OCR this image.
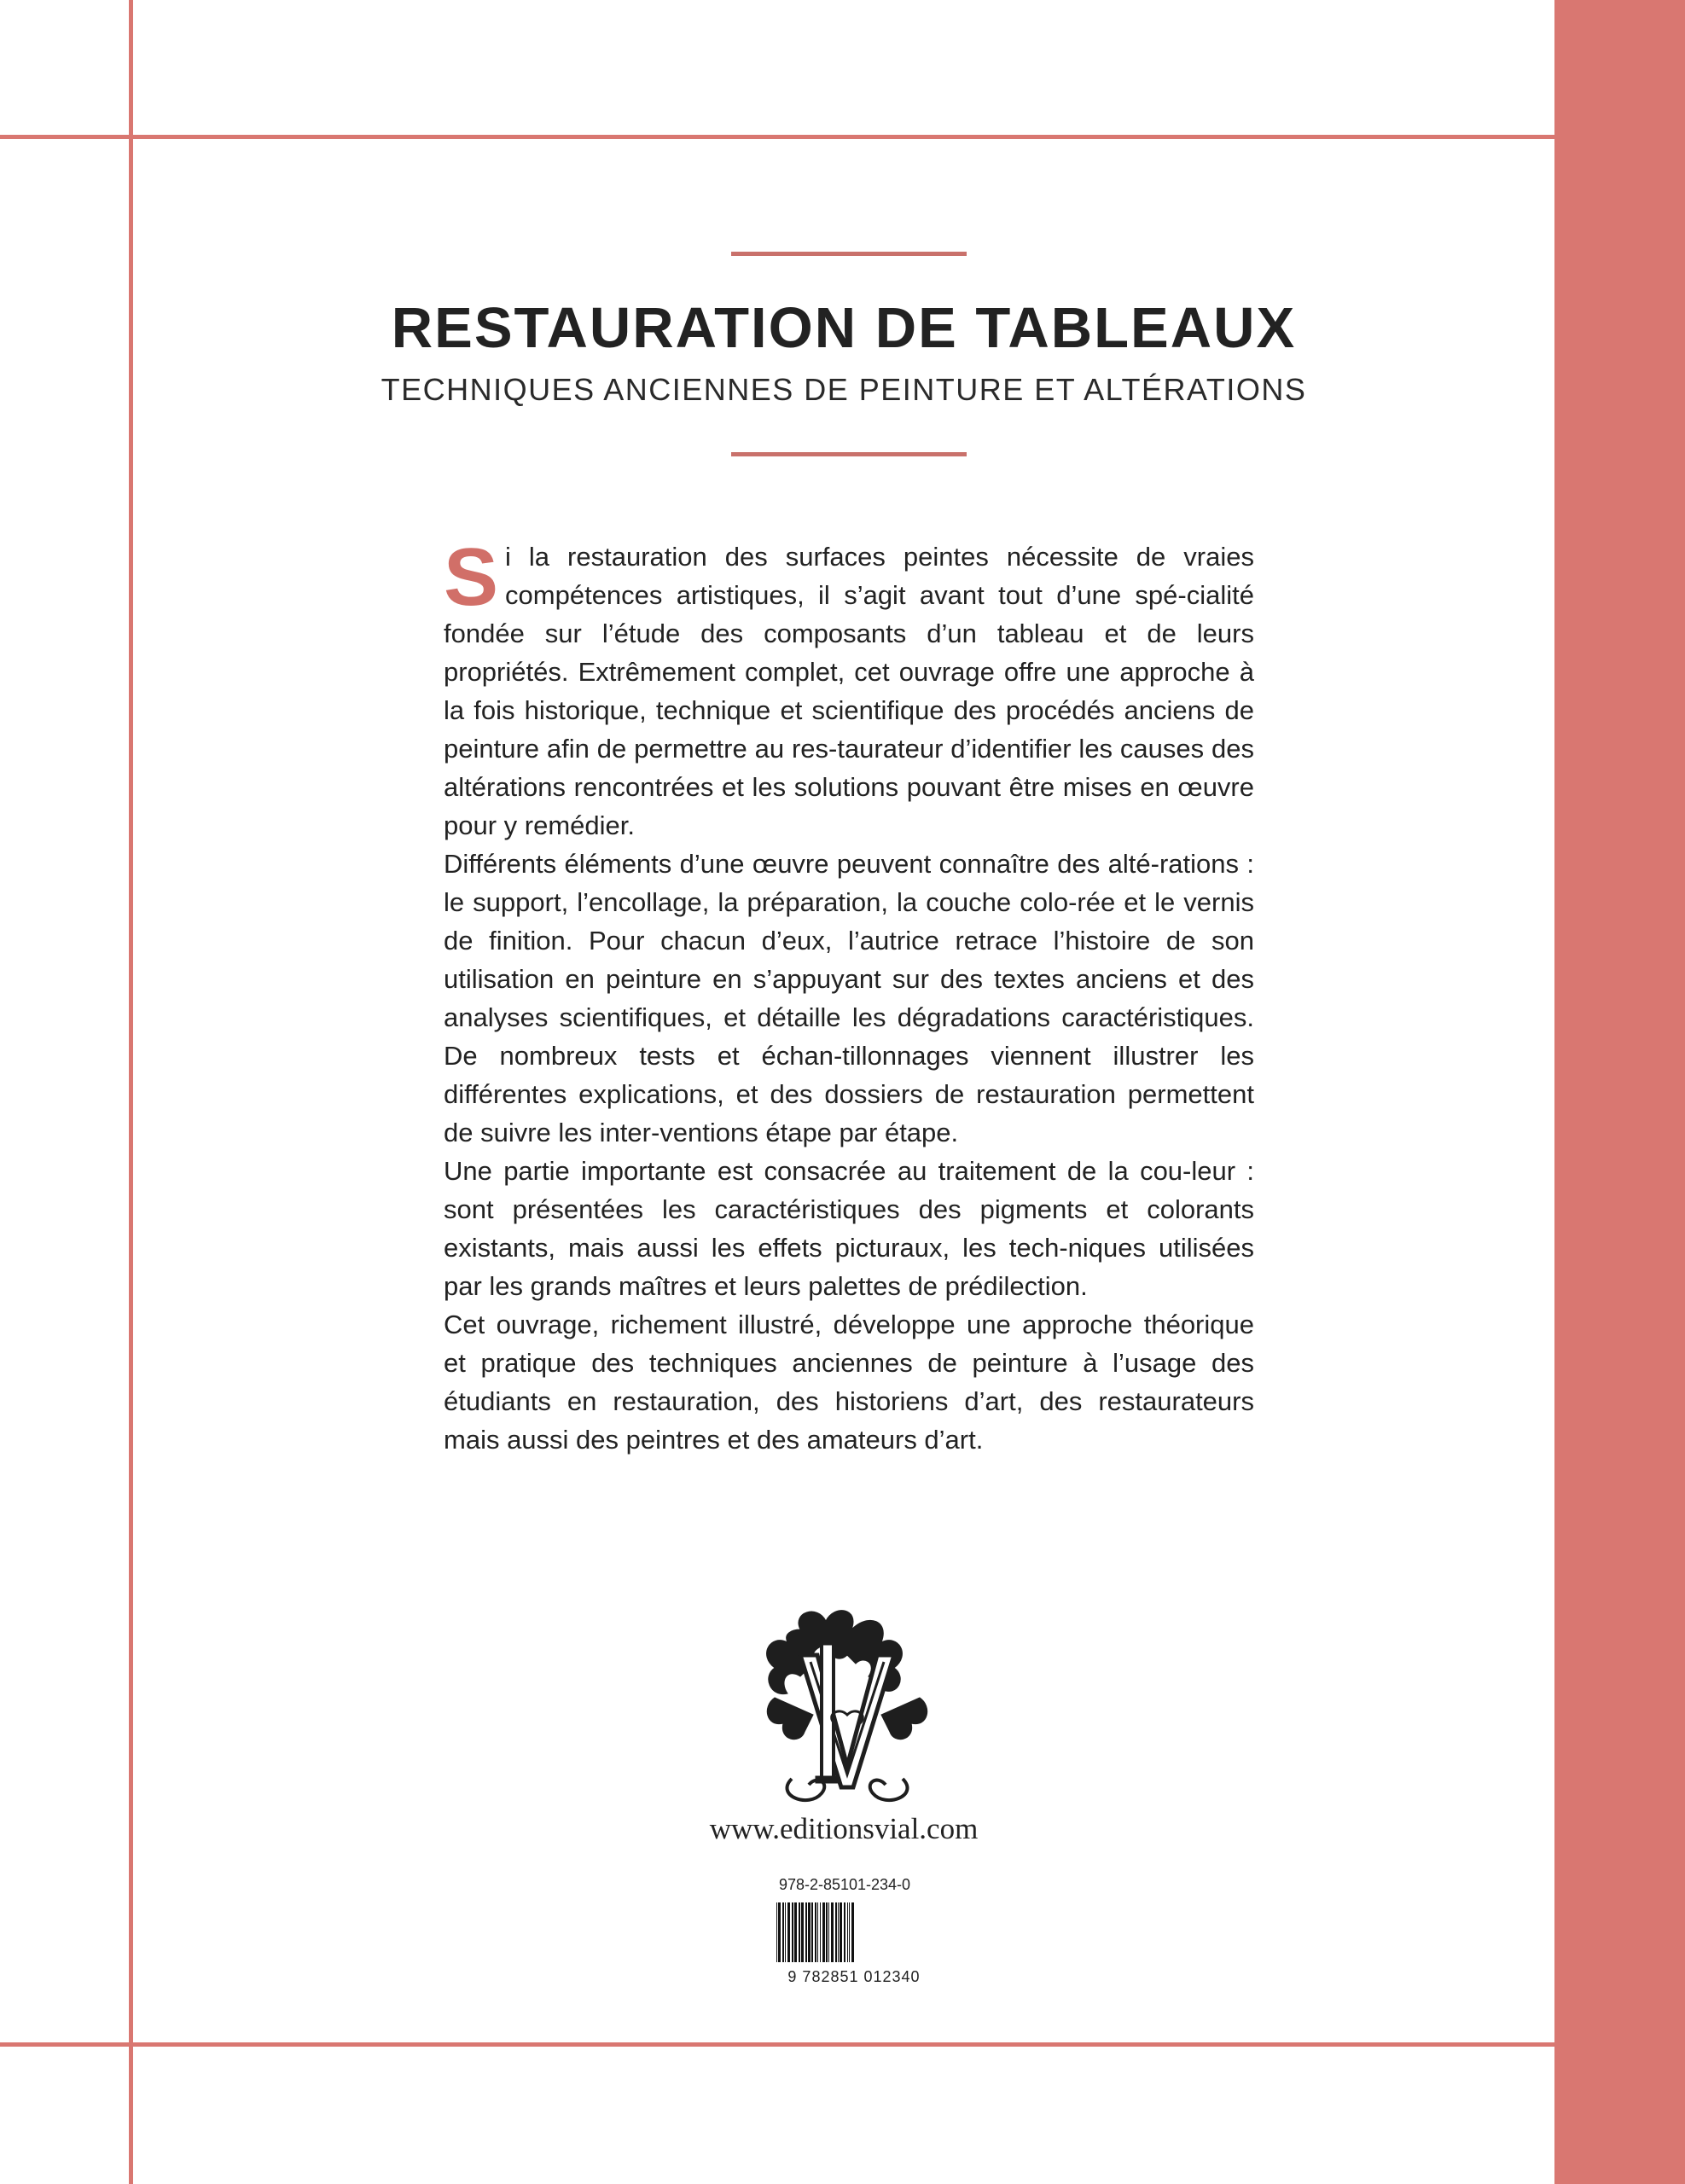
RESTAURATION DE TABLEAUX
TECHNIQUES ANCIENNES DE PEINTURE ET ALTÉRATIONS

Si la restauration des surfaces peintes nécessite de vraies compétences artistiques, il s’agit avant tout d’une spé-cialité fondée sur l’étude des composants d’un tableau et de leurs propriétés. Extrêmement complet, cet ouvrage offre une approche à la fois historique, technique et scientifique des procédés anciens de peinture afin de permettre au res-taurateur d’identifier les causes des altérations rencontrées et les solutions pouvant être mises en œuvre pour y remédier.

Différents éléments d’une œuvre peuvent connaître des alté-rations : le support, l’encollage, la préparation, la couche colo-rée et le vernis de finition. Pour chacun d’eux, l’autrice retrace l’histoire de son utilisation en peinture en s’appuyant sur des textes anciens et des analyses scientifiques, et détaille les dégradations caractéristiques. De nombreux tests et échan-tillonnages viennent illustrer les différentes explications, et des dossiers de restauration permettent de suivre les inter-ventions étape par étape.

Une partie importante est consacrée au traitement de la cou-leur : sont présentées les caractéristiques des pigments et colorants existants, mais aussi les effets picturaux, les tech-niques utilisées par les grands maîtres et leurs palettes de prédilection.

Cet ouvrage, richement illustré, développe une approche théorique et pratique des techniques anciennes de peinture à l’usage des étudiants en restauration, des historiens d’art, des restaurateurs mais aussi des peintres et des amateurs d’art.

www.editionsvial.com
978-2-85101-234-0
9 782851 012340
